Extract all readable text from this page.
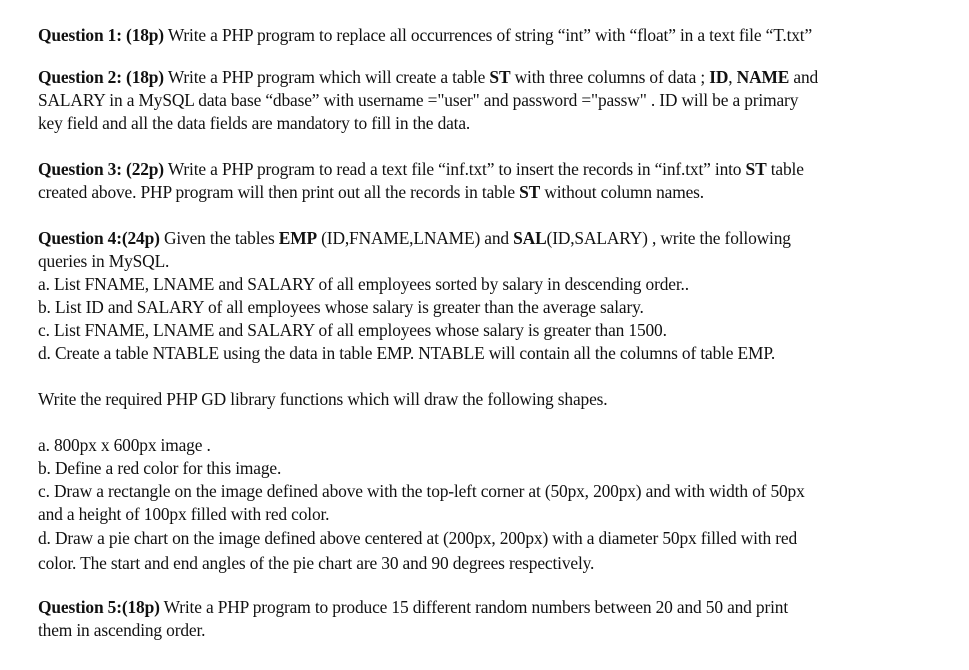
Question 1: (18p) Write a PHP program to replace all occurrences of string “int” with “float” in a text file “T.txt”
Question 2: (18p) Write a PHP program which will create a table ST with three columns of data ; ID, NAME and
SALARY in a MySQL data base “dbase” with username ="user" and password ="passw" . ID will be a primary
key field and all the data fields are mandatory to fill in the data.
Question 3: (22p) Write a PHP program to read a text file “inf.txt” to insert the records in “inf.txt” into ST table
created above. PHP program will then print out all the records in table ST without column names.
Question 4:(24p) Given the tables EMP (ID,FNAME,LNAME) and SAL(ID,SALARY) , write the following
queries in MySQL.
a. List FNAME, LNAME and SALARY of all employees sorted by salary in descending order..
b. List ID and SALARY of all employees whose salary is greater than the average salary.
c. List FNAME, LNAME and SALARY of all employees whose salary is greater than 1500.
d. Create a table NTABLE using the data in table EMP. NTABLE will contain all the columns of table EMP.
Write the required PHP GD library functions which will draw the following shapes.
a. 800px x 600px image .
b. Define a red color for this image.
c. Draw a rectangle on the image defined above with the top-left corner at (50px, 200px) and with width of 50px
and a height of 100px filled with red color.
d. Draw a pie chart on the image defined above centered at (200px, 200px) with a diameter 50px filled with red
color. The start and end angles of the pie chart are 30 and 90 degrees respectively.
Question 5:(18p) Write a PHP program to produce 15 different random numbers between 20 and 50 and print
them in ascending order.
